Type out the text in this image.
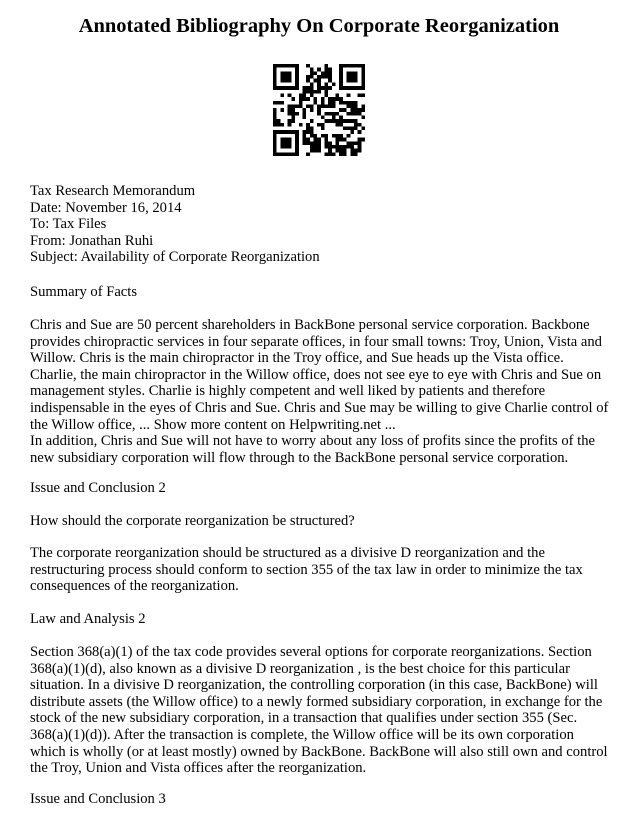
Annotated Bibliography On Corporate Reorganization

Tax Research Memorandum

Date: November 16, 2014

To: Tax Files

From: Jonathan Ruhi

Subject: Availability of Corporate Reorganization

Summary of Facts

Chris and Sue are 50 percent shareholders in BackBone personal service corporation. Backbone provides chiropractic services in four separate offices, in four small towns: Troy, Union, Vista and Willow. Chris is the main chiropractor in the Troy office, and Sue heads up the Vista office. Charlie, the main chiropractor in the Willow office, does not see eye to eye with Chris and Sue on management styles. Charlie is highly competent and well liked by patients and therefore indispensable in the eyes of Chris and Sue. Chris and Sue may be willing to give Charlie control of the Willow office, ... Show more content on Helpwriting.net ...

In addition, Chris and Sue will not have to worry about any loss of profits since the profits of the new subsidiary corporation will flow through to the BackBone personal service corporation.

Issue and Conclusion 2
How should the corporate reorganization be structured?
The corporate reorganization should be structured as a divisive D reorganization and the restructuring process should conform to section 355 of the tax law in order to minimize the tax consequences of the reorganization.
Law and Analysis 2
Section 368(a)(1) of the tax code provides several options for corporate reorganizations. Section 368(a)(1)(d), also known as a divisive D reorganization , is the best choice for this particular situation. In a divisive D reorganization, the controlling corporation (in this case, BackBone) will distribute assets (the Willow office) to a newly formed subsidiary corporation, in exchange for the stock of the new subsidiary corporation, in a transaction that qualifies under section 355 (Sec. 368(a)(1)(d)). After the transaction is complete, the Willow office will be its own corporation which is wholly (or at least mostly) owned by BackBone. BackBone will also still own and control the Troy, Union and Vista offices after the reorganization.
Issue and Conclusion 3
